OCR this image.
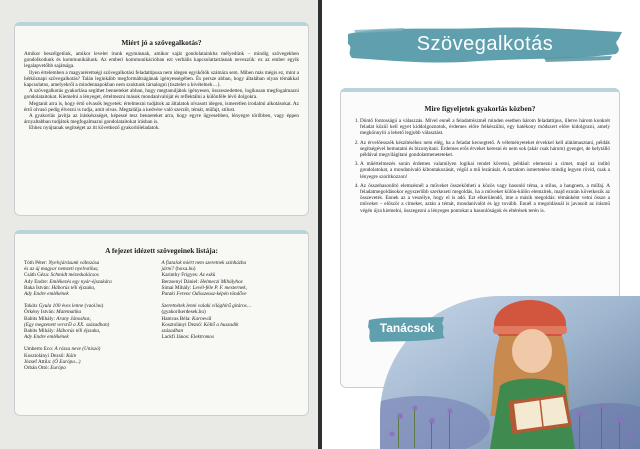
Miért jó a szövegalkotás?

Amikor beszélgetünk, amikor levelet írunk egymásnak, amikor saját gondolatainkba mélyedünk – mindig szövegekben gondolkodunk és kommunikálunk. Az emberi kommunikációban ezt verbális kapcsolattartásnak nevezzük: ez az ember egyik legalapvetőbb sajátsága.

Ilyen értelemben a magyarérettségi szövegalkotási feladattípusa nem idegen egyikőtök számára sem. Miben más mégis ez, mint a hétköznapi szövegalkotás? Talán leginkább megformáltságának igényességében. És persze abban, hogy általában olyan témákkal kapcsolatos, amelyekről a mindennapokban nem szoktunk társalogni (tisztelet a kivételnek…).

A szövegalkotás gyakorlása segíthet benneteket abban, hogy megtanuljátok igényesen, összeszedetten, logikusan megfogalmazni gondolataitokat. Kiemelni a lényeget, értelmezni mások mondanivalóját és reflektálni a különféle lévő dolgokra.

Megtanít arra is, hogy értő olvasók legyetek: értelmezni tudjátok az általatok olvasott idegen, ismeretlen irodalmi alkotásokat. Az értő olvasó pedig élvezni is tudja, amit olvas. Megtalálja a kedvére való szerzőt, témát, műfajt, stílust.

A gyakorlás javítja az íráskészséget, képessé tesz benneteket arra, hogy egyre ügyesebben, lényegre törőbben, vagy éppen árnyaltabban tudjátok megfogalmazni gondolataitokat írásban is.

Ehhez nyújtanak segítséget az itt következő gyakorlóleladatok.

A fejezet idézett szövegeinek listája:
Tóth Péter: Nyelvjárásunk változása
és az új magyar nemzeti nyelvstílus;
Csáth Géza: Schmidt mézeskalácsos
Ady Endre: Emlékezés egy nyár-éjszakára
Baka István: Háborús téli éjszaka,
Ady Endre emlékének
Takáts Gyula 100 éves lenne (vaol.hu)
Örkény István: Matematika
Babits Mihály: Arany Jánoshoz,
(Egy megzenett versről a XX. században)
Babits Mihály: Háborús téli éjszaka,
Ady Endre emlékének
Umberto Eco: A rózsa neve (Unixzó)
Kosztolányi Dezső: Káin
József Attila: (Ó Európa...)
Orbán Ottó: Európa
A fiatalok miért nem szeretnek színházba
járni? (boxa.hu)
Karinthy Frigyes: Az eskü
Berzsenyi Dániel: Helmeczi Mihályhoz
Simai Mihály: Levél-féle P. F. mesternek,
Pataki Ferenc Odisszeusz-képén töndőve
Szeretnétek lenni valaki világhírű gitáros…
(gyakorikerdesek.hu)
Hamvas Béla: Karnevál
Kosztolányi Dezső: Költő a huszadik
században
Lackfi János: Elektromos
Szövegalkotás
Mire figyeljetek gyakorlás közben?
1. Döntő fontosságú a válaszzás. Mivel ennél a feladatrészmél minden esetben három feladattípus, illetve három konkrét feladat közül kell egyet kiddolgoznotok, érdemes előre felkészülni, egy hatékony módszert előre kidolgozni, amely megkönnyíti a lehető legjobb választást.
2. Az érvelőesszék készítéséhez nem elég, ha a feladat kecsegtető. A véleményeteket érvekkel kell alátámasztani, példák segítségével bemutatni és bizonyítani. Érdemes erős érveket keresni és nem sok (akár csak három) gyenget, de helytálló példával megvilágítani gondolatmeneteteket.
3. A műértelmezés során érdemes valamilyen logikai rendet követni, például: elemezni a címet, majd az indító gondolatokat, a mondanivaló kibontakozását, végül a mű lezárását. A tartalom ismertetése mindig legyen rövid, csak a lényegre szorítkozzon!
4. Az összehasonlító elemzésnél a műveket összekötheti a közös vagy hasonló téma, a stílus, a hangnem, a műfaj. A feladatmegoldásokor egyszerűbb szerkezeti megoldás, ha a műveket külön-külön elemzitek, majd ezután következik az összevetés. Ennek az a veszélye, hogy el is adó. Ezt elkerülendő, ime a másik megoldás: témánként vetni össze a műveket – először a címeket, aztán a témát, mondanivalót és így tovább. Ennél a megoldásnál is javasolt az írásmű végén újra kiemelni, összegezni a lényeges pontokat a hasonlóságok és eltérések terén is.
Tanácsok
